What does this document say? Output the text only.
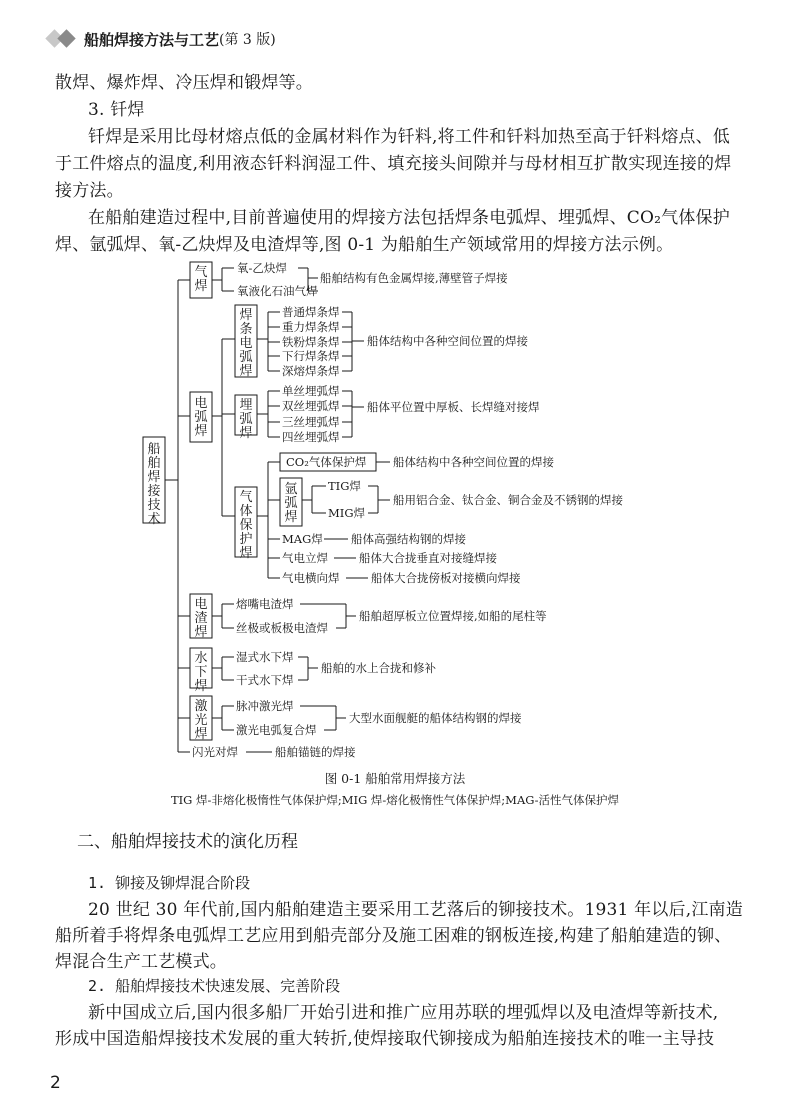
船舶焊接方法与工艺 (第 3 版)
散焊、爆炸焊、冷压焊和锻焊等。
3. 钎焊
钎焊是采用比母材熔点低的金属材料作为钎料,将工件和钎料加热至高于钎料熔点、低
于工件熔点的温度,利用液态钎料润湿工件、填充接头间隙并与母材相互扩散实现连接的焊
接方法。
在船舶建造过程中,目前普遍使用的焊接方法包括焊条电弧焊、埋弧焊、CO₂气体保护
焊、氩弧焊、氧-乙炔焊及电渣焊等,图 0-1 为船舶生产领域常用的焊接方法示例。
船舶焊接技术
气焊
氧-乙炔焊
氧液化石油气焊
船舶结构有色金属焊接,薄壁管子焊接
电弧焊
焊条电弧焊
普通焊条焊
重力焊条焊
铁粉焊条焊
下行焊条焊
深熔焊条焊
船体结构中各种空间位置的焊接
埋弧焊
单丝埋弧焊
双丝埋弧焊
三丝埋弧焊
四丝埋弧焊
船体平位置中厚板、长焊缝对接焊
气体保护焊
CO₂气体保护焊 船体结构中各种空间位置的焊接
氩弧焊
TIG焊
MIG焊
船用铝合金、钛合金、铜合金及不锈钢的焊接
MAG焊 船体高强结构钢的焊接
气电立焊	船体大合拢垂直对接缝焊接
气电横向焊	船体大合拢傍板对接横向焊接
电渣焊
熔嘴电渣焊
丝极或板极电渣焊
船舶超厚板立位置焊接,如船的尾柱等
水下焊
湿式水下焊
干式水下焊
船舶的水上合拢和修补
激光焊
脉冲激光焊
激光电弧复合焊
大型水面舰艇的船体结构钢的焊接
闪光对焊	船舶锚链的焊接
图 0-1 船舶常用焊接方法
TIG 焊-非熔化极惰性气体保护焊;MIG 焊-熔化极惰性气体保护焊;MAG-活性气体保护焊
二、船舶焊接技术的演化历程
1. 铆接及铆焊混合阶段
20 世纪 30 年代前,国内船舶建造主要采用工艺落后的铆接技术。1931 年以后,江南造
船所着手将焊条电弧焊工艺应用到船壳部分及施工困难的钢板连接,构建了船舶建造的铆、
焊混合生产工艺模式。
2. 船舶焊接技术快速发展、完善阶段
新中国成立后,国内很多船厂开始引进和推广应用苏联的埋弧焊以及电渣焊等新技术,
形成中国造船焊接技术发展的重大转折,使焊接取代铆接成为船舶连接技术的唯一主导技
2
